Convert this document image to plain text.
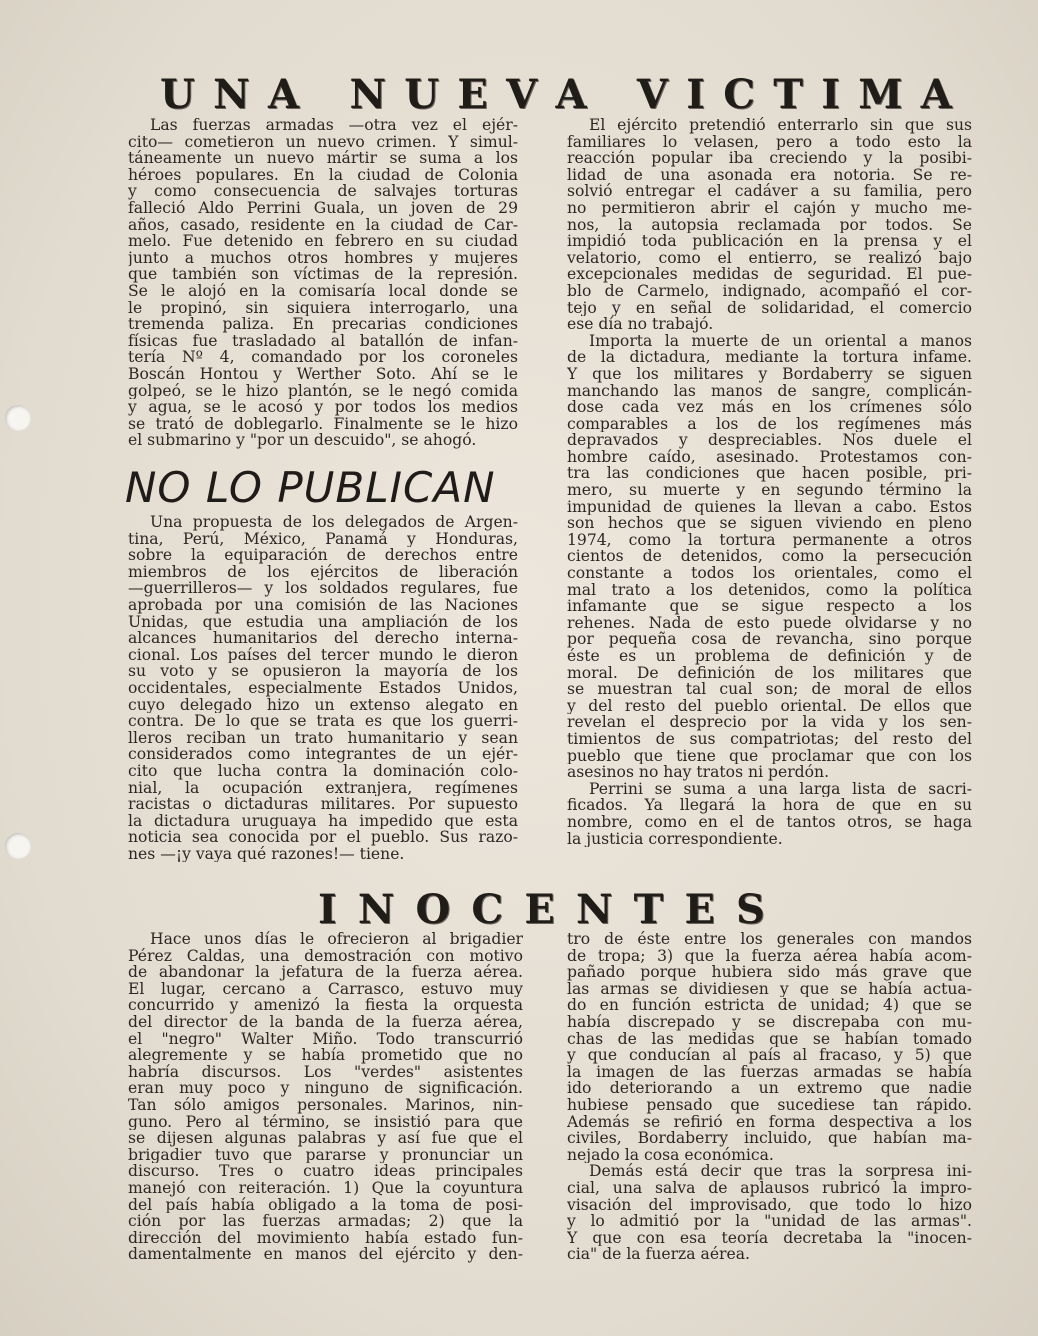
U N A
N U E V A
V I C T I M A
Las fuerzas armadas —otra vez el ejér-
cito— cometieron un nuevo crimen. Y simul-
táneamente un nuevo mártir se suma a los
héroes populares. En la ciudad de Colonia
y como consecuencia de salvajes torturas
falleció Aldo Perrini Guala, un joven de 29
años, casado, residente en la ciudad de Car-
melo. Fue detenido en febrero en su ciudad
junto a muchos otros hombres y mujeres
que también son víctimas de la represión.
Se le alojó en la comisaría local donde se
le propinó, sin siquiera interrogarlo, una
tremenda paliza. En precarias condiciones
físicas fue trasladado al batallón de infan-
tería Nº 4, comandado por los coroneles
Boscán Hontou y Werther Soto. Ahí se le
golpeó, se le hizo plantón, se le negó comida
y agua, se le acosó y por todos los medios
se trató de doblegarlo. Finalmente se le hizo
el submarino y "por un descuido", se ahogó.
El ejército pretendió enterrarlo sin que sus
familiares lo velasen, pero a todo esto la
reacción popular iba creciendo y la posibi-
lidad de una asonada era notoria. Se re-
solvió entregar el cadáver a su familia, pero
no permitieron abrir el cajón y mucho me-
nos, la autopsia reclamada por todos. Se
impidió toda publicación en la prensa y el
velatorio, como el entierro, se realizó bajo
excepcionales medidas de seguridad. El pue-
blo de Carmelo, indignado, acompañó el cor-
tejo y en señal de solidaridad, el comercio
ese día no trabajó.
Importa la muerte de un oriental a manos
de la dictadura, mediante la tortura infame.
Y que los militares y Bordaberry se siguen
manchando las manos de sangre, complicán-
dose cada vez más en los crímenes sólo
comparables a los de los regímenes más
depravados y despreciables. Nos duele el
hombre caído, asesinado. Protestamos con-
tra las condiciones que hacen posible, pri-
mero, su muerte y en segundo término la
impunidad de quienes la llevan a cabo. Estos
son hechos que se siguen viviendo en pleno
1974, como la tortura permanente a otros
cientos de detenidos, como la persecución
constante a todos los orientales, como el
mal trato a los detenidos, como la política
infamante que se sigue respecto a los
rehenes. Nada de esto puede olvidarse y no
por pequeña cosa de revancha, sino porque
éste es un problema de definición y de
moral. De definición de los militares que
se muestran tal cual son; de moral de ellos
y del resto del pueblo oriental. De ellos que
revelan el desprecio por la vida y los sen-
timientos de sus compatriotas; del resto del
pueblo que tiene que proclamar que con los
asesinos no hay tratos ni perdón.
Perrini se suma a una larga lista de sacri-
ficados. Ya llegará la hora de que en su
nombre, como en el de tantos otros, se haga
la justicia correspondiente.
NO LO PUBLICAN
Una propuesta de los delegados de Argen-
tina, Perú, México, Panamá y Honduras,
sobre la equiparación de derechos entre
miembros de los ejércitos de liberación
—guerrilleros— y los soldados regulares, fue
aprobada por una comisión de las Naciones
Unidas, que estudia una ampliación de los
alcances humanitarios del derecho interna-
cional. Los países del tercer mundo le dieron
su voto y se opusieron la mayoría de los
occidentales, especialmente Estados Unidos,
cuyo delegado hizo un extenso alegato en
contra. De lo que se trata es que los guerri-
lleros reciban un trato humanitario y sean
considerados como integrantes de un ejér-
cito que lucha contra la dominación colo-
nial, la ocupación extranjera, regímenes
racistas o dictaduras militares. Por supuesto
la dictadura uruguaya ha impedido que esta
noticia sea conocida por el pueblo. Sus razo-
nes —¡y vaya qué razones!— tiene.
I N O C E N T E S
Hace unos días le ofrecieron al brigadier
Pérez Caldas, una demostración con motivo
de abandonar la jefatura de la fuerza aérea.
El lugar, cercano a Carrasco, estuvo muy
concurrido y amenizó la fiesta la orquesta
del director de la banda de la fuerza aérea,
el "negro" Walter Miño. Todo transcurrió
alegremente y se había prometido que no
habría discursos. Los "verdes" asistentes
eran muy poco y ninguno de significación.
Tan sólo amigos personales. Marinos, nin-
guno. Pero al término, se insistió para que
se dijesen algunas palabras y así fue que el
brigadier tuvo que pararse y pronunciar un
discurso. Tres o cuatro ideas principales
manejó con reiteración. 1) Que la coyuntura
del país había obligado a la toma de posi-
ción por las fuerzas armadas; 2) que la
dirección del movimiento había estado fun-
damentalmente en manos del ejército y den-
tro de éste entre los generales con mandos
de tropa; 3) que la fuerza aérea había acom-
pañado porque hubiera sido más grave que
las armas se dividiesen y que se había actua-
do en función estricta de unidad; 4) que se
había discrepado y se discrepaba con mu-
chas de las medidas que se habían tomado
y que conducían al país al fracaso, y 5) que
la imagen de las fuerzas armadas se había
ido deteriorando a un extremo que nadie
hubiese pensado que sucediese tan rápido.
Además se refirió en forma despectiva a los
civiles, Bordaberry incluido, que habían ma-
nejado la cosa económica.
Demás está decir que tras la sorpresa ini-
cial, una salva de aplausos rubricó la impro-
visación del improvisado, que todo lo hizo
y lo admitió por la "unidad de las armas".
Y que con esa teoría decretaba la "inocen-
cia" de la fuerza aérea.
